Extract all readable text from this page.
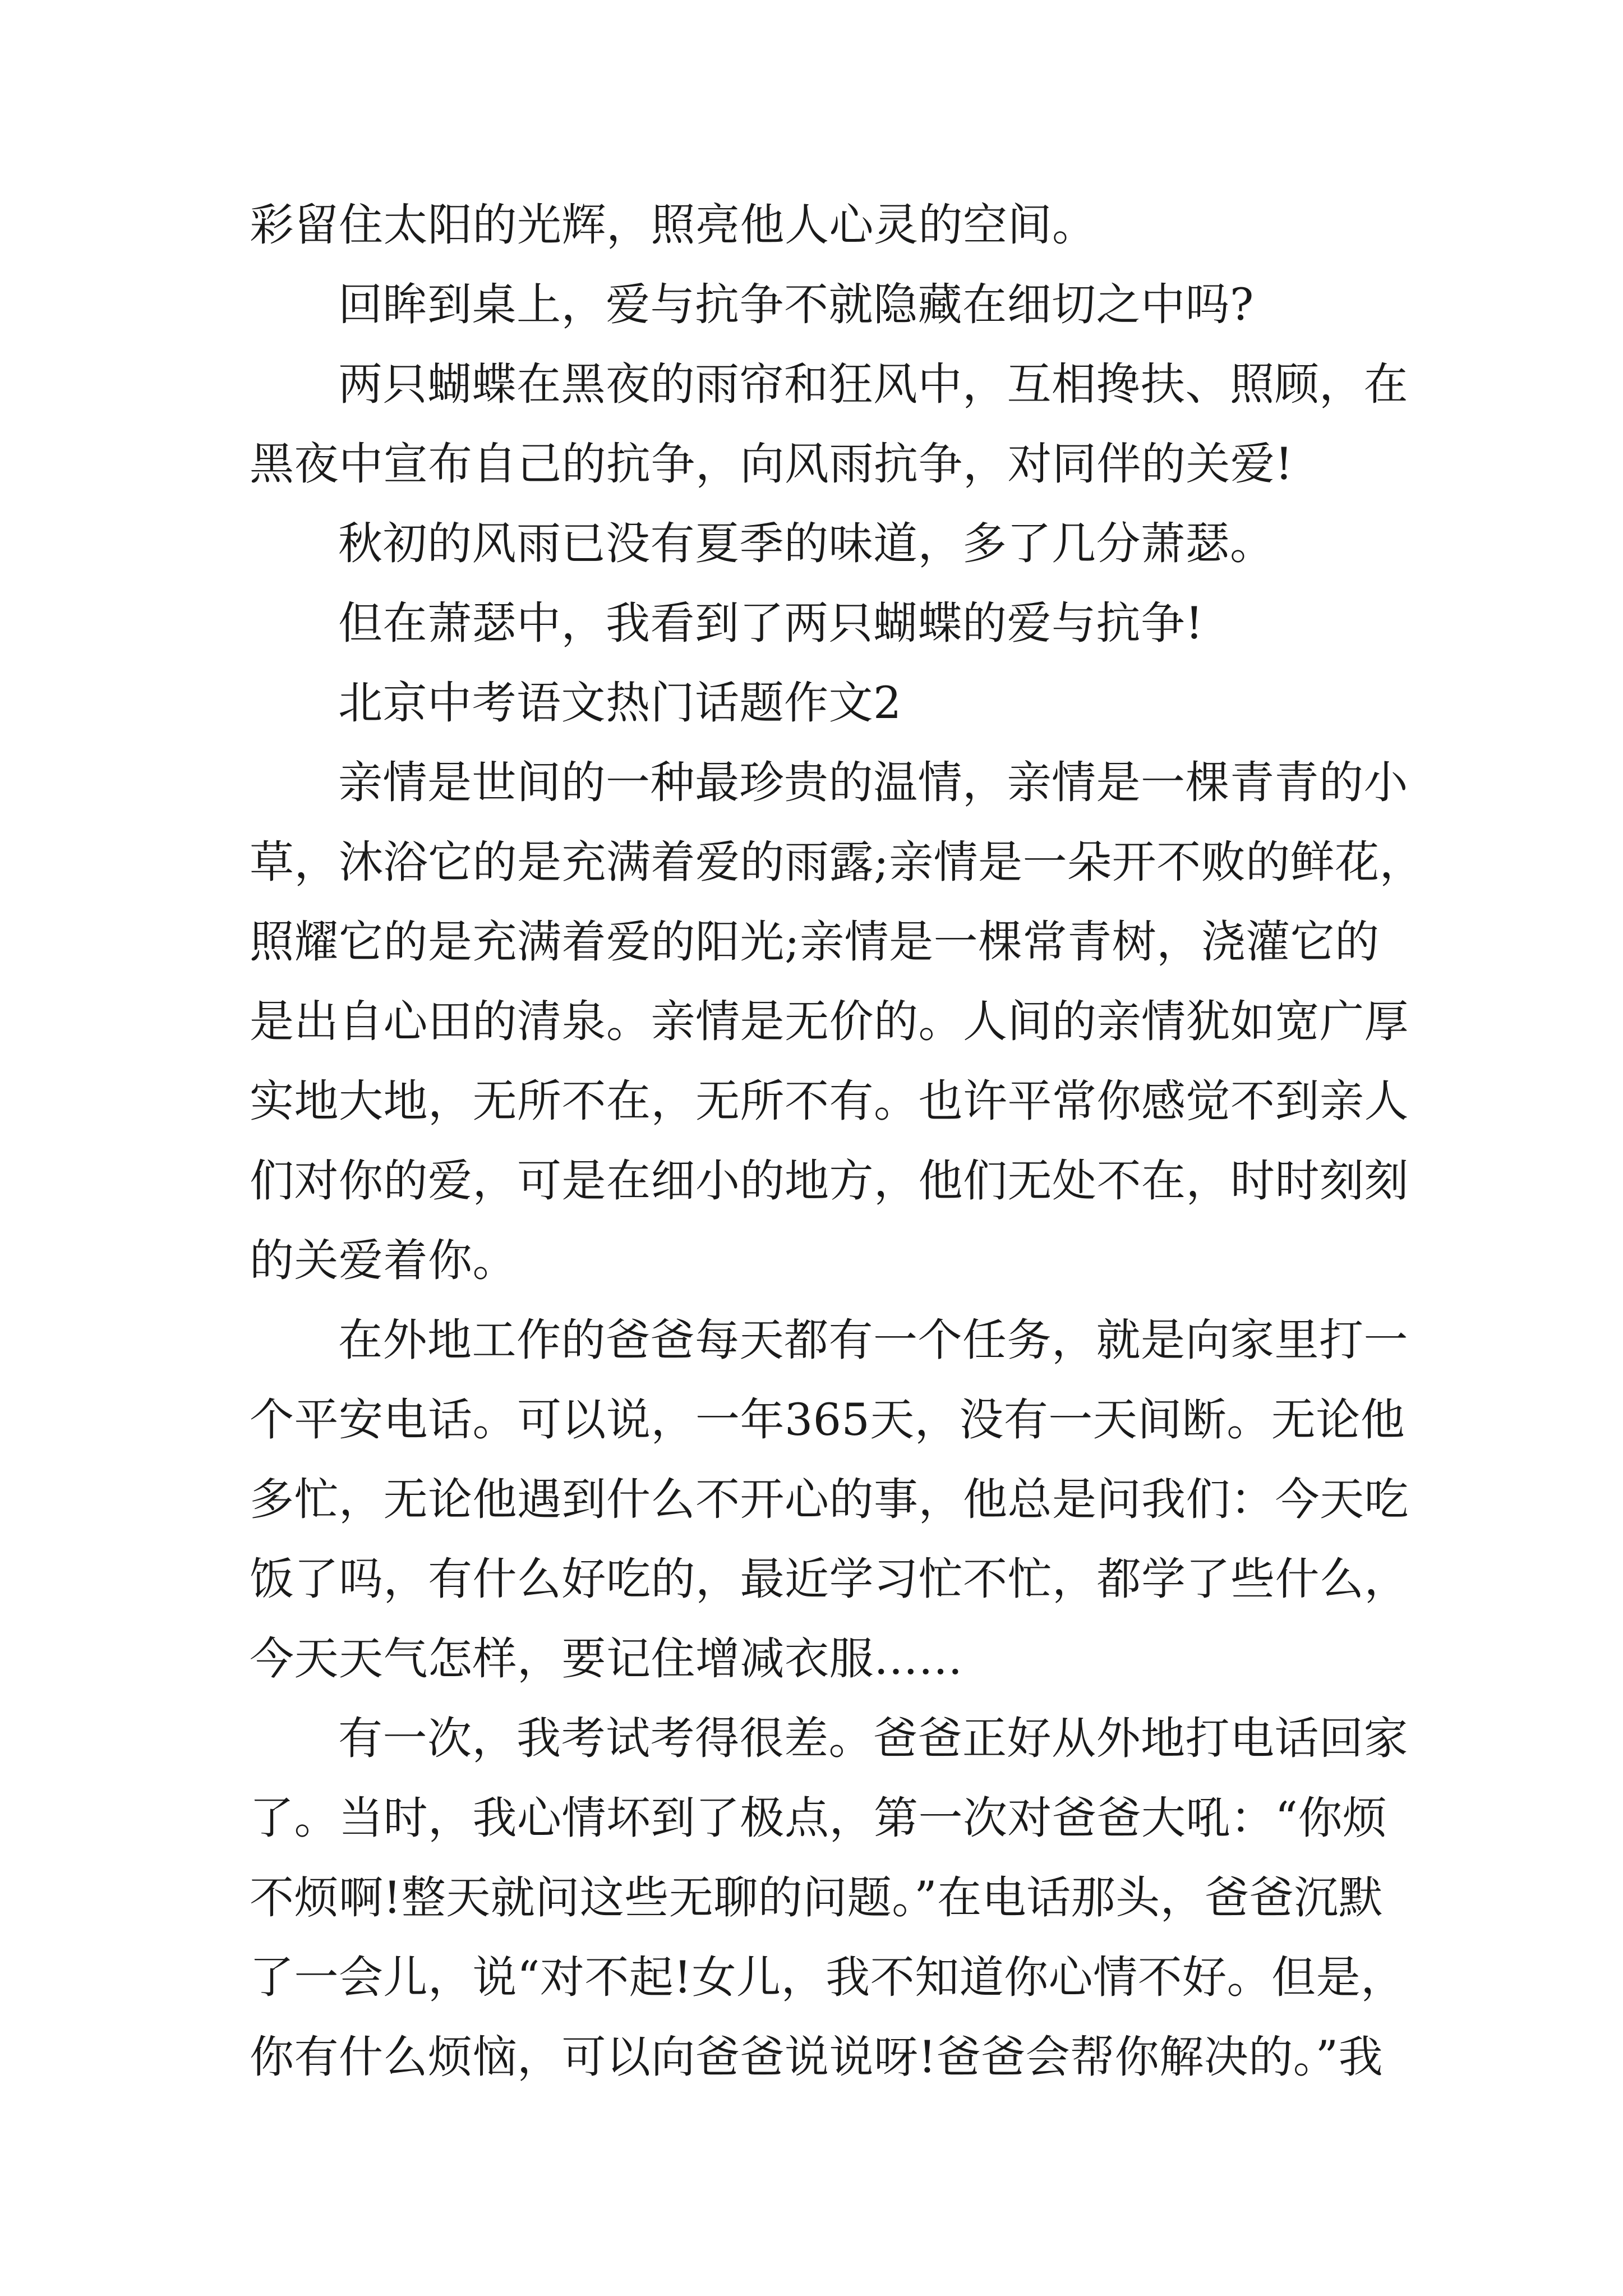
彩留住太阳的光辉，照亮他人心灵的空间。
回眸到桌上，爱与抗争不就隐藏在细切之中吗?
两只蝴蝶在黑夜的雨帘和狂风中，互相搀扶、照顾，在
黑夜中宣布自己的抗争，向风雨抗争，对同伴的关爱!
秋初的风雨已没有夏季的味道，多了几分萧瑟。
但在萧瑟中，我看到了两只蝴蝶的爱与抗争!
北京中考语文热门话题作文2
亲情是世间的一种最珍贵的温情，亲情是一棵青青的小
草，沐浴它的是充满着爱的雨露;亲情是一朵开不败的鲜花，
照耀它的是充满着爱的阳光;亲情是一棵常青树，浇灌它的
是出自心田的清泉。亲情是无价的。人间的亲情犹如宽广厚
实地大地，无所不在，无所不有。也许平常你感觉不到亲人
们对你的爱，可是在细小的地方，他们无处不在，时时刻刻
的关爱着你。
在外地工作的爸爸每天都有一个任务，就是向家里打一
个平安电话。可以说，一年365天，没有一天间断。无论他
多忙，无论他遇到什么不开心的事，他总是问我们：今天吃
饭了吗，有什么好吃的，最近学习忙不忙，都学了些什么，
今天天气怎样，要记住增减衣服……
有一次，我考试考得很差。爸爸正好从外地打电话回家
了。当时，我心情坏到了极点，第一次对爸爸大吼：“你烦
不烦啊!整天就问这些无聊的问题。”在电话那头，爸爸沉默
了一会儿，说“对不起!女儿，我不知道你心情不好。但是，
你有什么烦恼，可以向爸爸说说呀!爸爸会帮你解决的。”我
